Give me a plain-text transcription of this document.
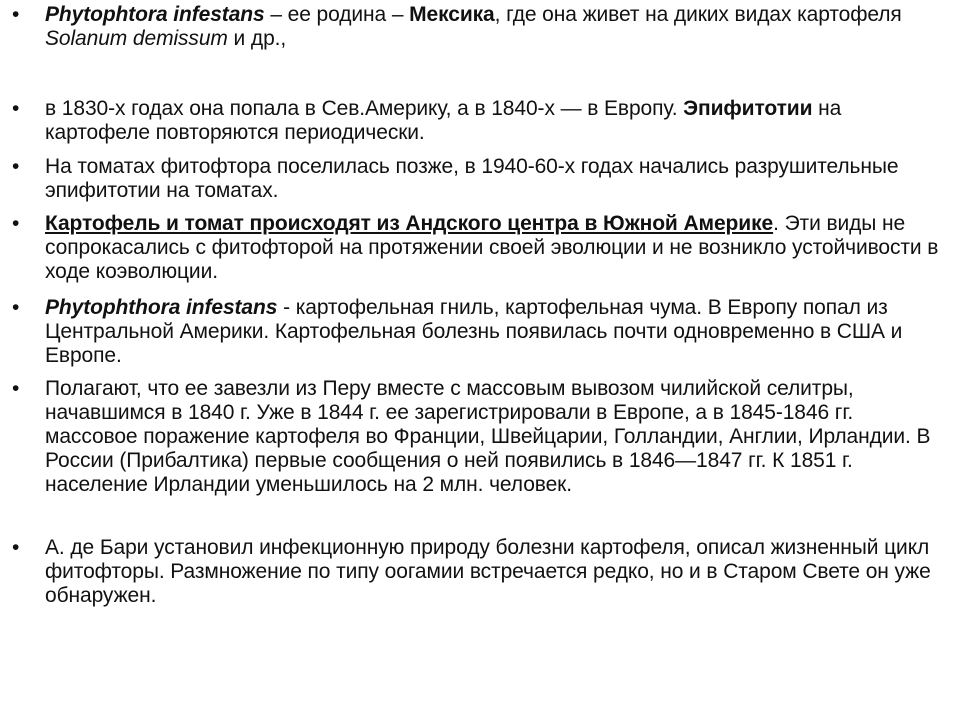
• Phytophtora infestans – ее родина – Мексика, где она живет на диких видах картофеля Solanum demissum и др.,

• в 1830-х годах она попала в Сев.Америку, а в 1840-х — в Европу. Эпифитотии на картофеле повторяются периодически.

• На томатах фитофтора поселилась позже, в 1940-60-х годах начались разрушительные эпифитотии на томатах.

• Картофель и томат происходят из Андского центра в Южной Америке. Эти виды не сопрокасались с фитофторой на протяжении своей эволюции и не возникло устойчивости в ходе коэволюции.

• Phytophthora infestans - картофельная гниль, картофельная чума. В Европу попал из Центральной Америки. Картофельная болезнь появилась почти одновременно в США и Европе.

• Полагают, что ее завезли из Перу вместе с массовым вывозом чилийской селитры, начавшимся в 1840 г. Уже в 1844 г. ее зарегистрировали в Европе, а в 1845-1846 гг. массовое поражение картофеля во Франции, Швейцарии, Голландии, Англии, Ирландии. В России (Прибалтика) первые сообщения о ней появились в 1846—1847 гг. К 1851 г. население Ирландии уменьшилось на 2 млн. человек.

• А. де Бари установил инфекционную природу болезни картофеля, описал жизненный цикл фитофторы. Размножение по типу оогамии встречается редко, но и в Старом Свете он уже обнаружен.
